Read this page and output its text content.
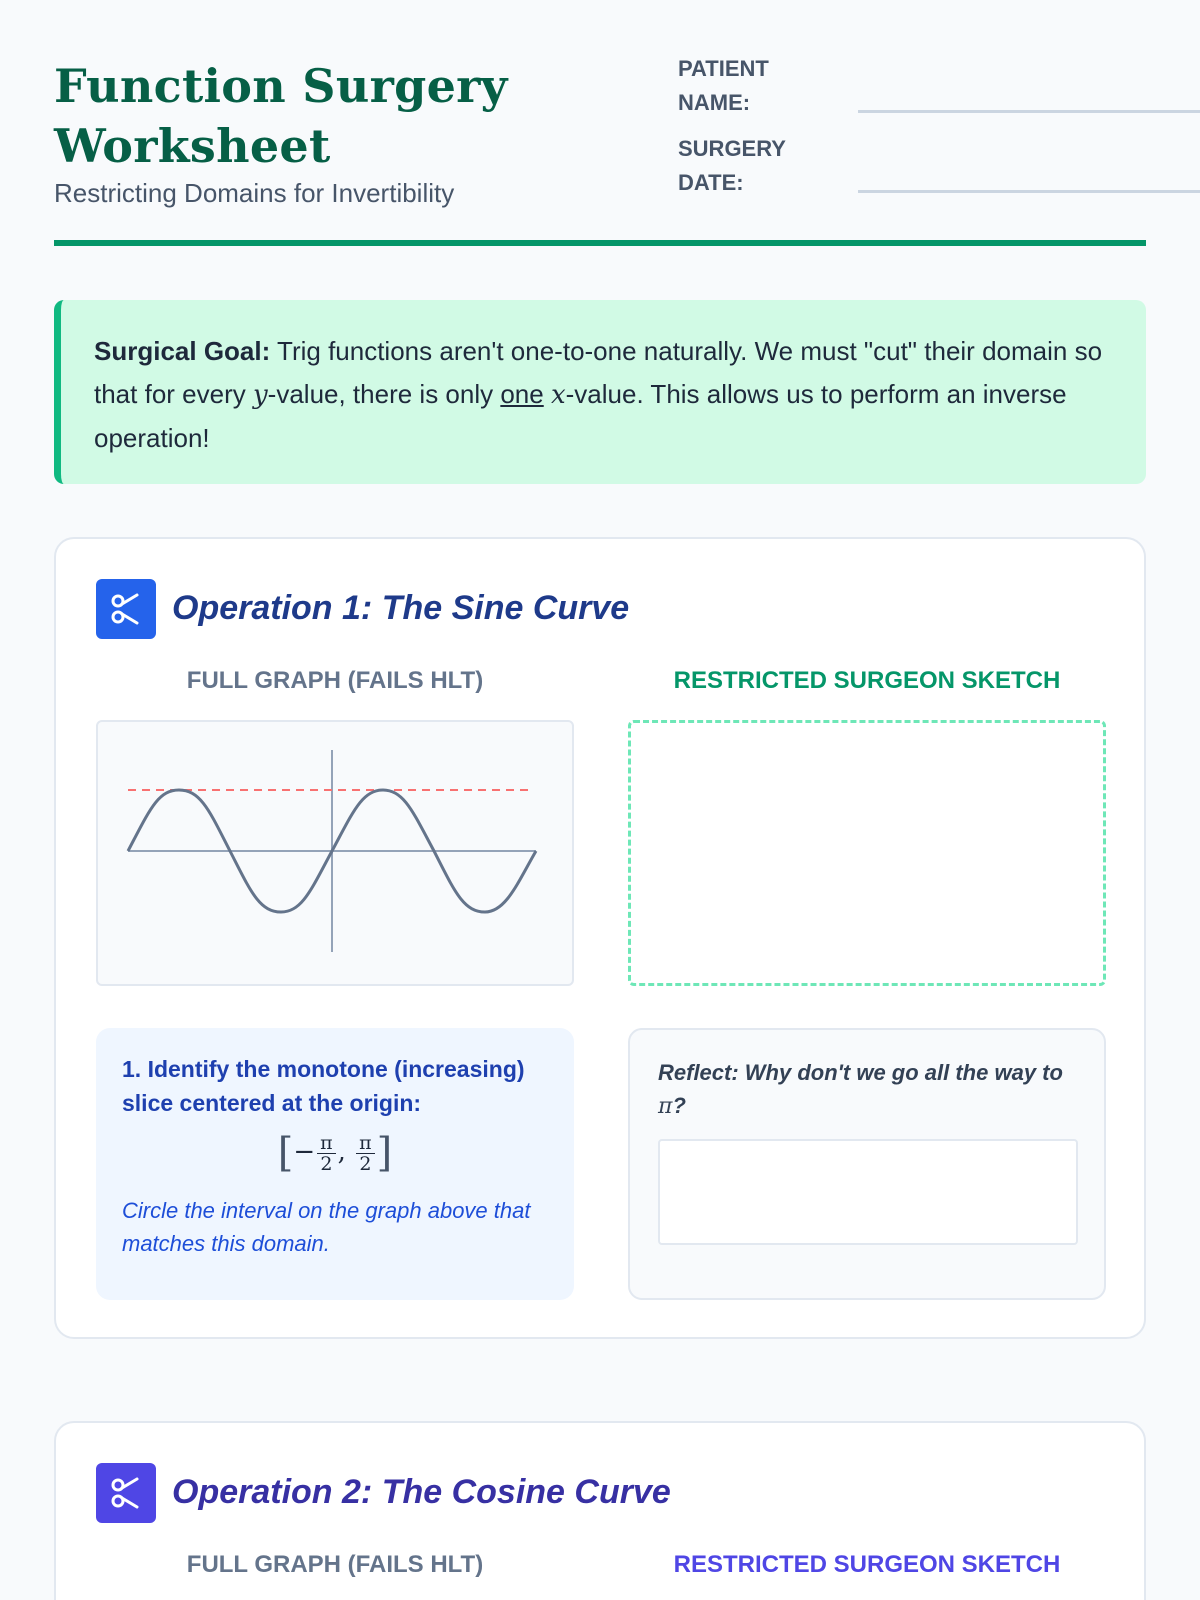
Function Surgery Worksheet
Restricting Domains for Invertibility
PATIENT NAME:
SURGERY DATE:
Surgical Goal: Trig functions aren't one-to-one naturally. We must "cut" their domain so that for every y-value, there is only one x-value. This allows us to perform an inverse operation!
Operation 1: The Sine Curve
FULL GRAPH (FAILS HLT)	RESTRICTED SURGEON SKETCH
1. Identify the monotone (increasing) slice centered at the origin:
[− $\frac{\pi}{2}$ , $\frac{\pi}{2}$ ]
Circle the interval on the graph above that matches this domain.
Reflect: Why don't we go all the way to π?
Operation 2: The Cosine Curve
FULL GRAPH (FAILS HLT)	RESTRICTED SURGEON SKETCH
